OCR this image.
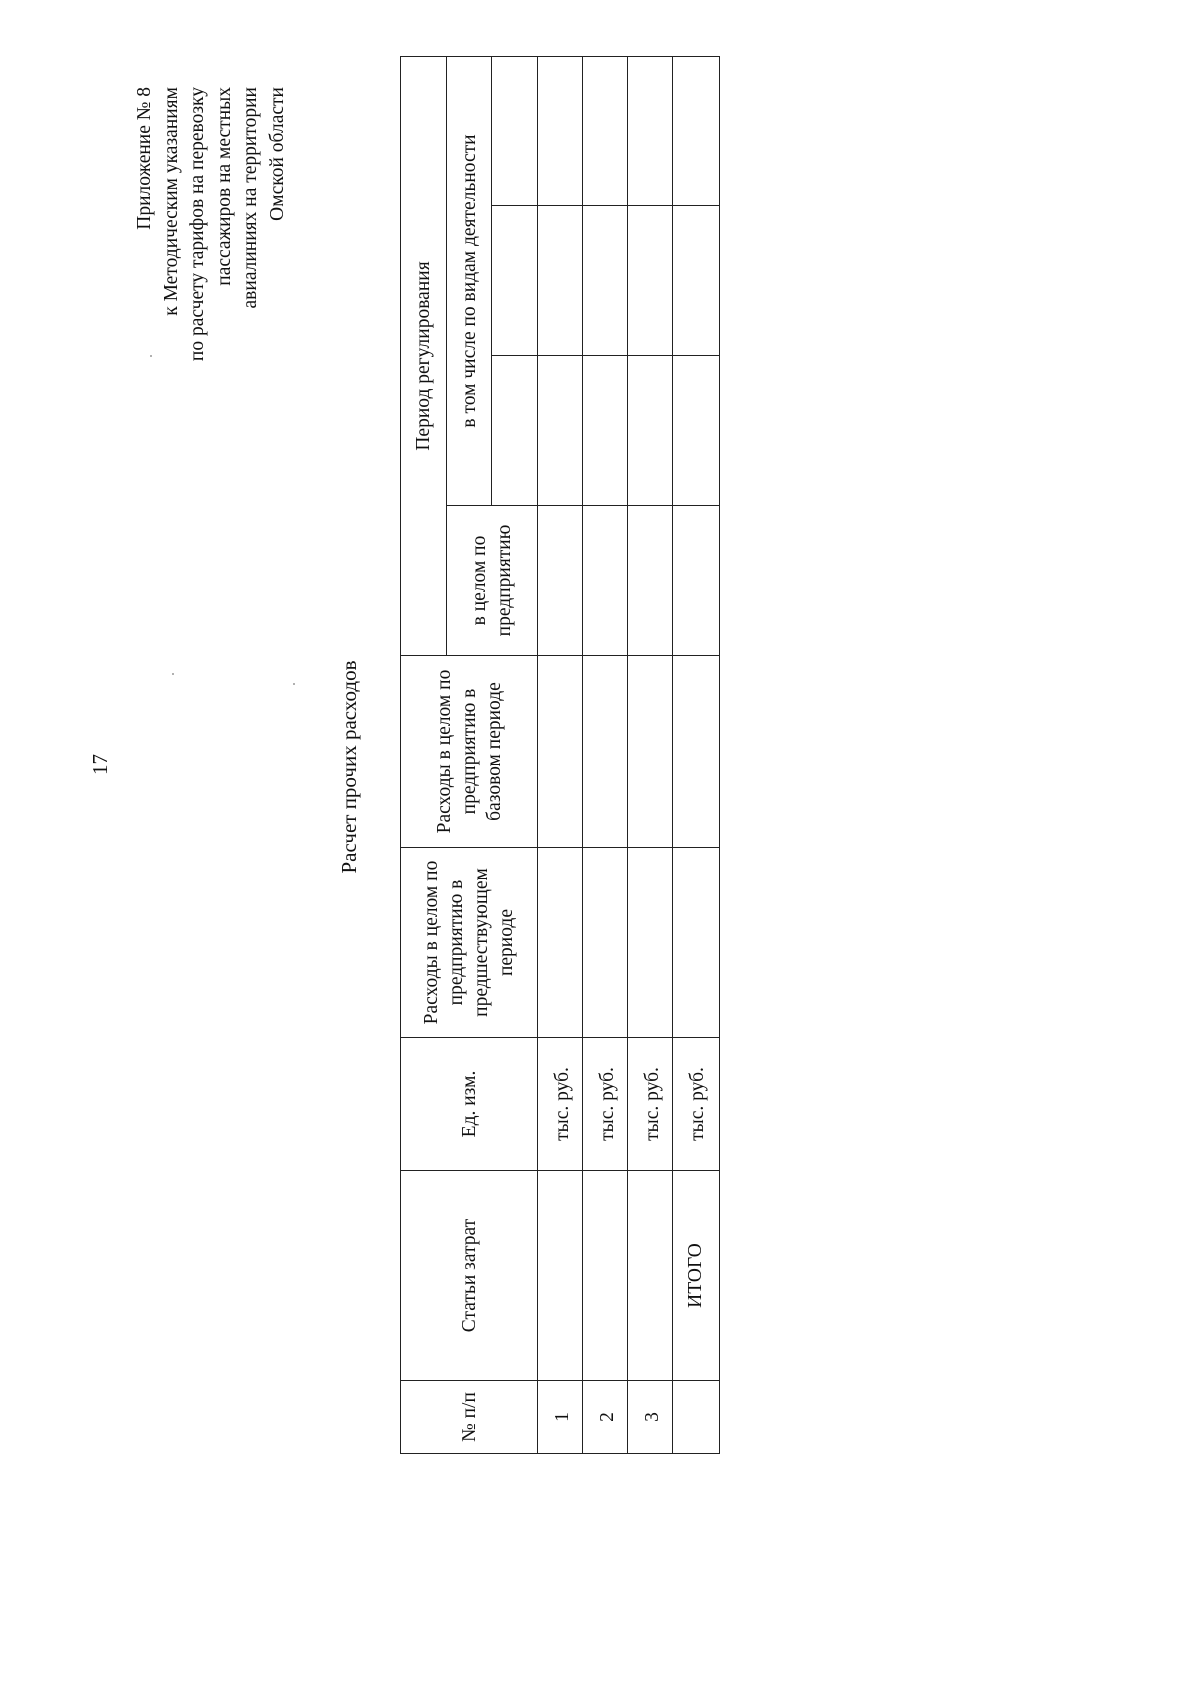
17
Приложение № 8 к Методическим указаниям по расчету тарифов на перевозку пассажиров на местных авиалиниях на территории Омской области
Расчет прочих расходов
№ п/п	Статьи затрат	Ед. изм.	Расходы в целом по предприятию в предшествующем периоде	Расходы в целом по предприятию в базовом периоде	Период регулирования			
					в целом по предприятию	в том числе по видам деятельности		

1		тыс. руб.						
2		тыс. руб.						
3		тыс. руб.						
	ИТОГО	тыс. руб.						
